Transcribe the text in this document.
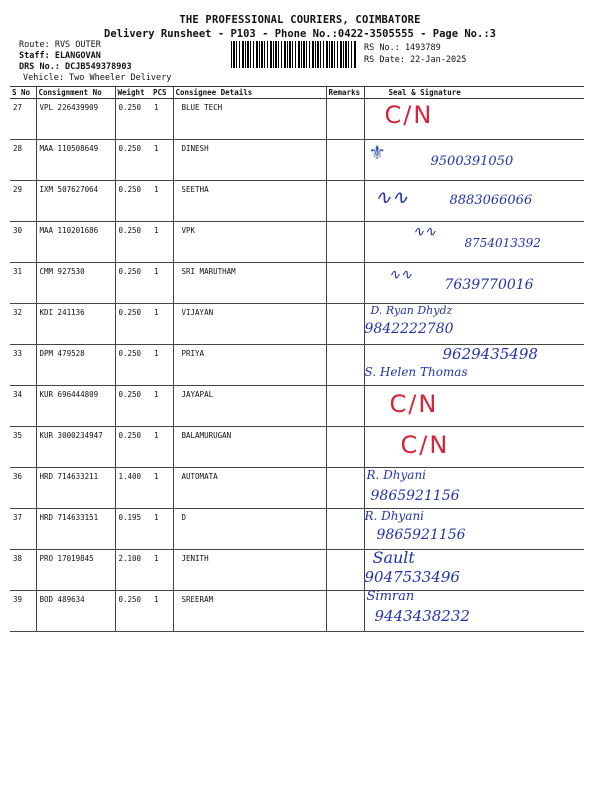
THE PROFESSIONAL COURIERS, COIMBATORE
Delivery Runsheet - P103 - Phone No.:0422-3505555 - Page No.:3
Route: RVS OUTER
Staff: ELANGOVAN
DRS No.: DCJB549378903
Vehicle: Two Wheeler Delivery
RS No.: 1493789
RS Date: 22-Jan-2025
S No	Consignment No	Weight	PCS	Consignee Details	Remarks	Seal & Signature
27	VPL 226439909	0.250	1	BLUE TECH		C/N

28	MAA 110508649	0.250	1	DINESH		⚜ 9500391050

29	IXM 507627064	0.250	1	SEETHA		∿∿ 8883066066

30	MAA 110201686	0.250	1	VPK		∿∿
8754013392

31	CMM 927530	0.250	1	SRI MARUTHAM		∿∿
7639770016

32	KDI 241136	0.250	1	VIJAYAN		D. Ryan Dhydz
9842222780

33	DPM 479528	0.250	1	PRIYA		S. Helen Thomas
9629435498

34	KUR 696444809	0.250	1	JAYAPAL		C/N

35	KUR 3000234947	0.250	1	BALAMURUGAN		C/N

36	HRD 714633211	1.400	1	AUTOMATA		R. Dhyani
9865921156

37	HRD 714633151	0.195	1	D		R. Dhyani
9865921156

38	PRO 17019845	2.100	1	JENITH		Sault
9047533496

39	BOD 489634	0.250	1	SREERAM		Simran
9443438232
